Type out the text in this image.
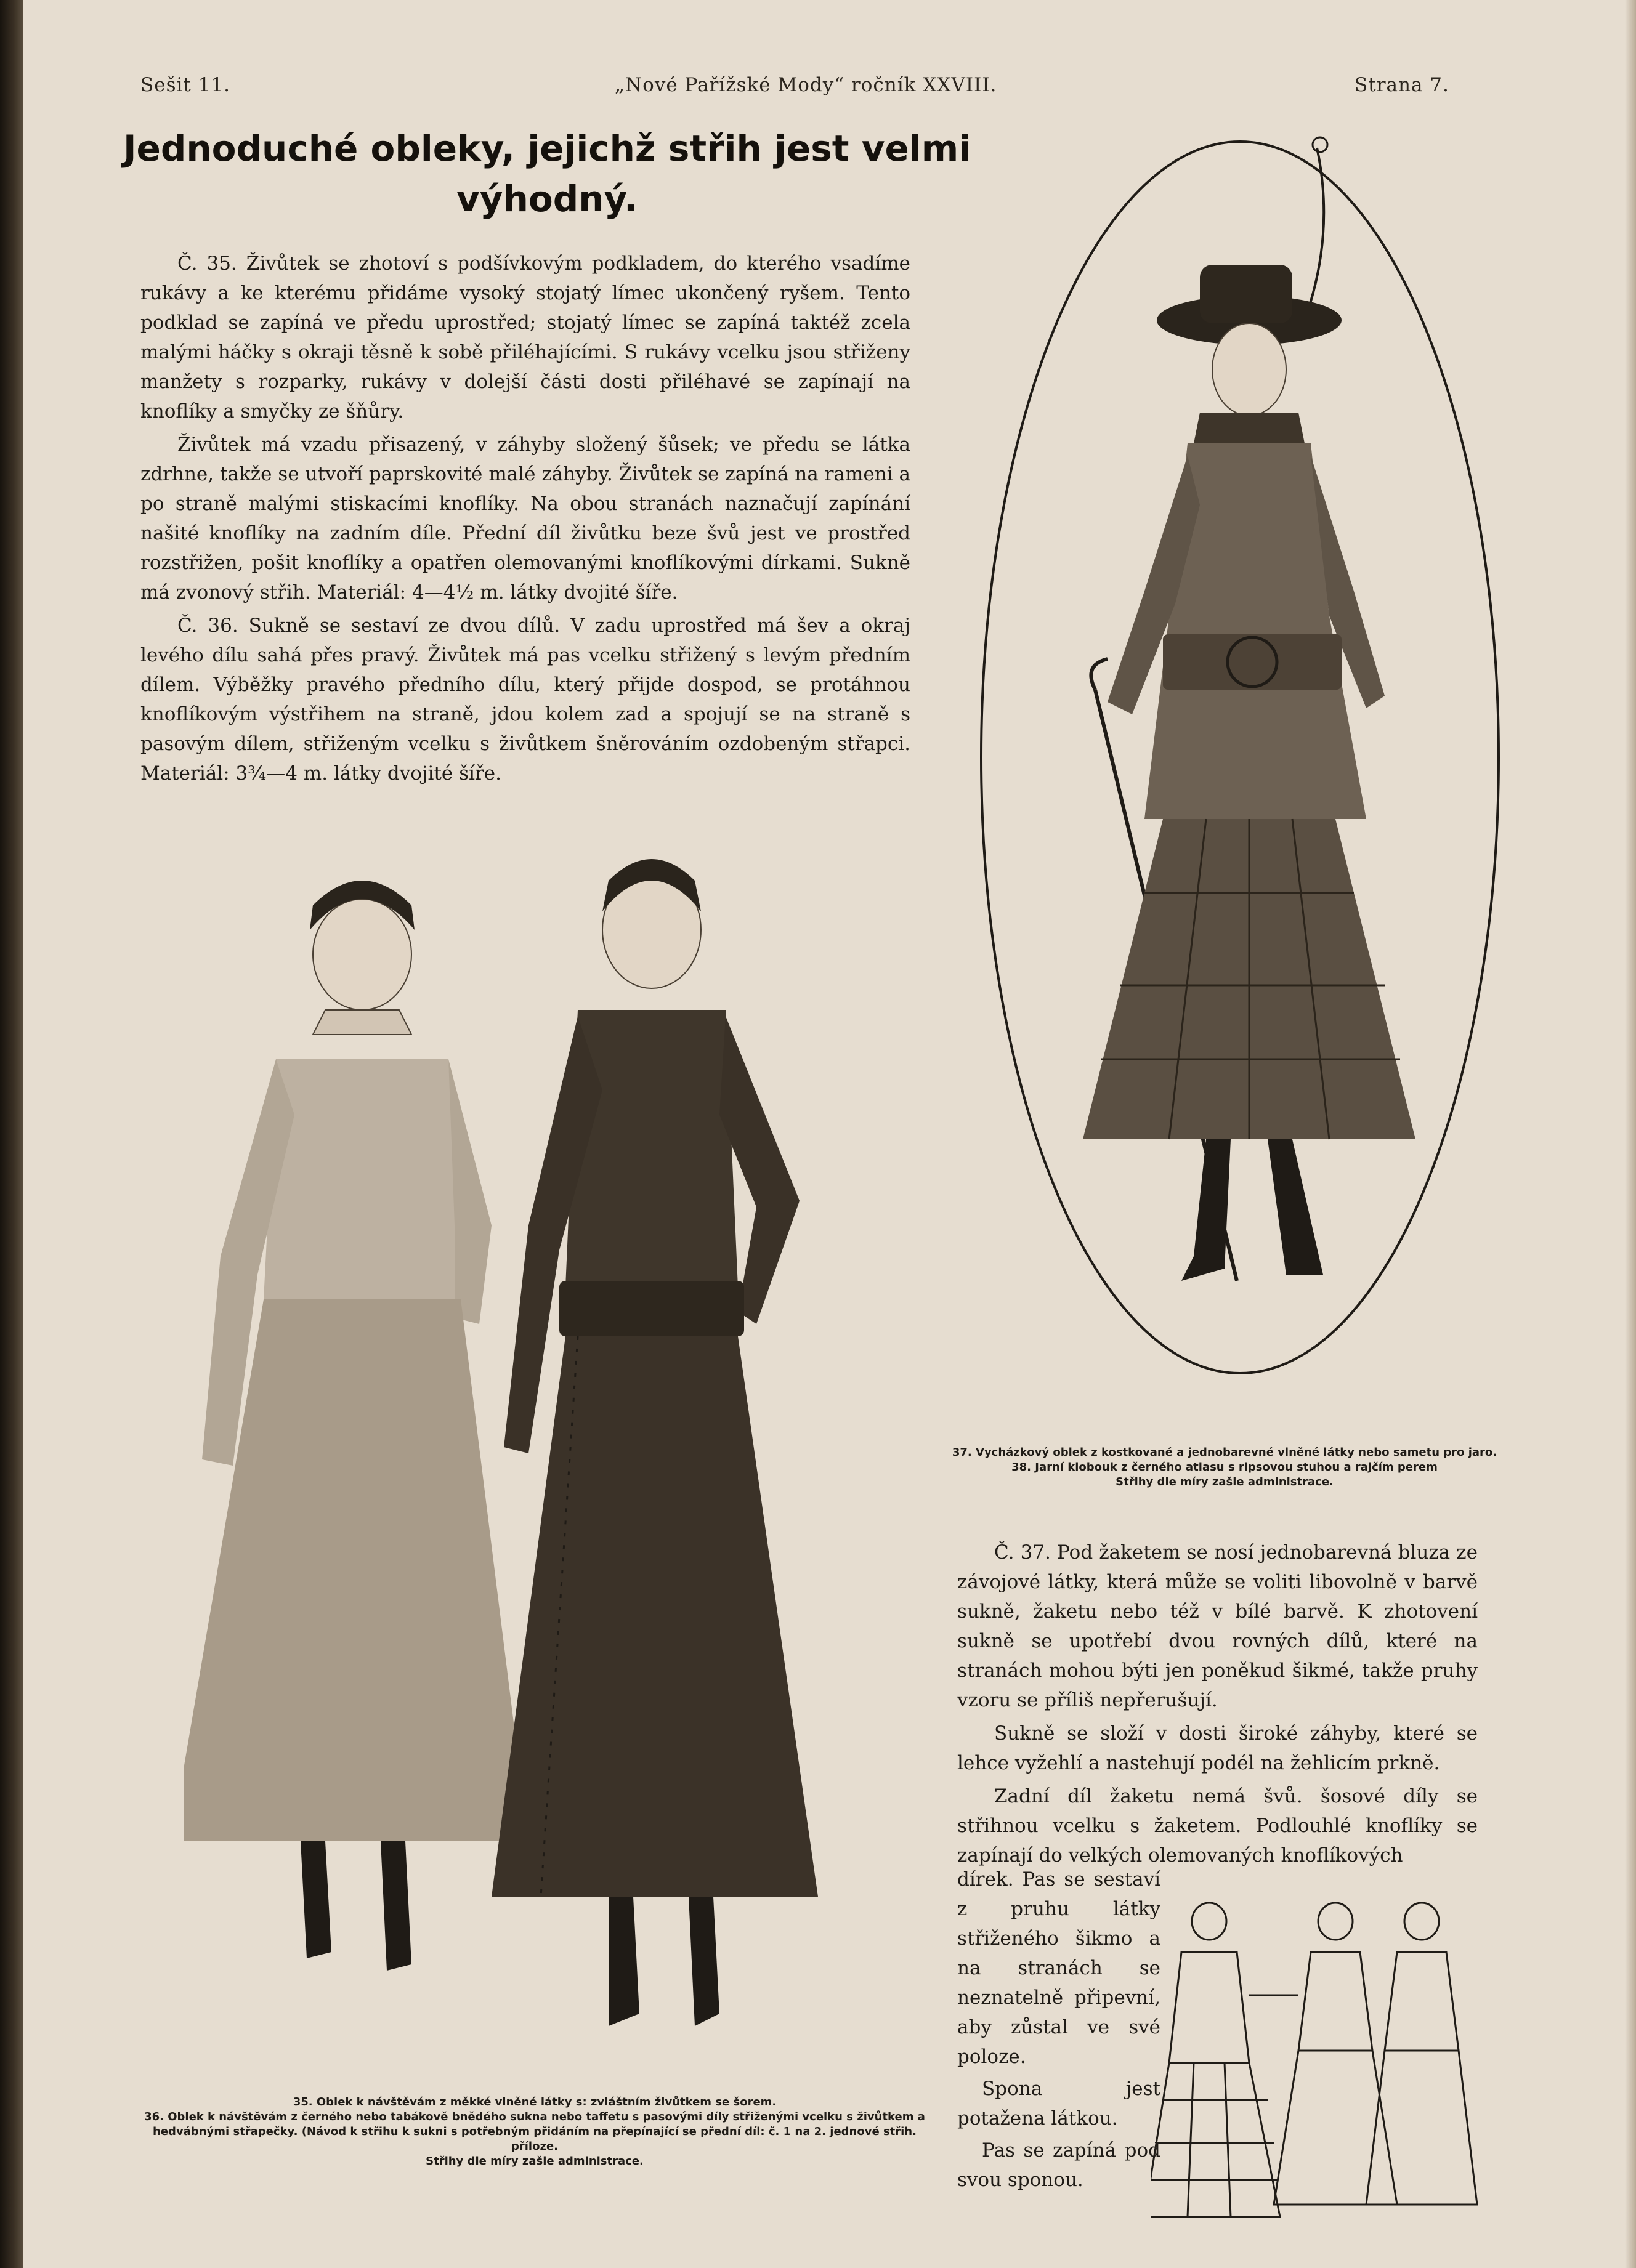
Sešit 11.	„Nové Pařížské Mody“ ročník XXVIII.	Strana 7.
Jednoduché obleky, jejichž střih jest velmi výhodný.

Č. 35. Živůtek se zhotoví s podšívkovým podkladem, do kterého vsadíme rukávy a ke kterému přidáme vysoký stojatý límec ukončený ryšem. Tento podklad se zapíná ve předu uprostřed; stojatý límec se zapíná taktéž zcela malými háčky s okraji těsně k sobě přiléhajícími. S rukávy vcelku jsou střiženy manžety s rozparky, rukávy v dolejší části dosti přiléhavé se zapínají na knoflíky a smyčky ze šňůry.

Živůtek má vzadu přisazený, v záhyby složený šůsek; ve předu se látka zdrhne, takže se utvoří paprskovité malé záhyby. Živůtek se zapíná na rameni a po straně malými stiskacími knoflíky. Na obou stranách naznačují zapínání našité knoflíky na zadním díle. Přední díl živůtku beze švů jest ve prostřed rozstřižen, pošit knoflíky a opatřen olemovanými knoflíkovými dírkami. Sukně má zvonový střih. Materiál: 4—4½ m. látky dvojité šíře.

Č. 36. Sukně se sestaví ze dvou dílů. V zadu uprostřed má šev a okraj levého dílu sahá přes pravý. Živůtek má pas vcelku střižený s levým předním dílem. Výběžky pravého předního dílu, který přijde dospod, se protáhnou knoflíkovým výstřihem na straně, jdou kolem zad a spojují se na straně s pasovým dílem, střiženým vcelku s živůtkem šněrováním ozdobeným střapci. Materiál: 3¾—4 m. látky dvojité šíře.

37. Vycházkový oblek z kostkované a jednobarevné vlněné látky nebo sametu pro jaro.
38. Jarní klobouk z černého atlasu s ripsovou stuhou a rajčím perem
Střihy dle míry zašle administrace.
35. Oblek k návštěvám z měkké vlněné látky s: zvláštním živůtkem se šorem.
36. Oblek k návštěvám z černého nebo tabákově bnědého sukna nebo taffetu s pasovými díly střiženými vcelku s živůtkem a hedvábnými střapečky. (Návod k střihu k sukni s potřebným přidáním na přepínající se přední díl: č. 1 na 2. jednové střih. příloze.
Střihy dle míry zašle administrace.

Č. 37. Pod žaketem se nosí jednobarevná bluza ze závojové látky, která může se voliti libovolně v barvě sukně, žaketu nebo též v bílé barvě. K zhotovení sukně se upotřebí dvou rovných dílů, které na stranách mohou býti jen poněkud šikmé, takže pruhy vzoru se příliš nepřerušují.

Sukně se složí v dosti široké záhyby, které se lehce vyžehlí a nastehují podél na žehlicím prkně.

Zadní díl žaketu nemá švů. šosové díly se střihnou vcelku s žaketem. Podlouhlé knoflíky se zapínají do velkých olemovaných knoflíkových

dírek. Pas se sestaví z pruhu látky střiženého šikmo a na stranách se neznatelně připevní, aby zůstal ve své poloze.

Spona jest potažena látkou.

Pas se zapíná pod svou sponou.
